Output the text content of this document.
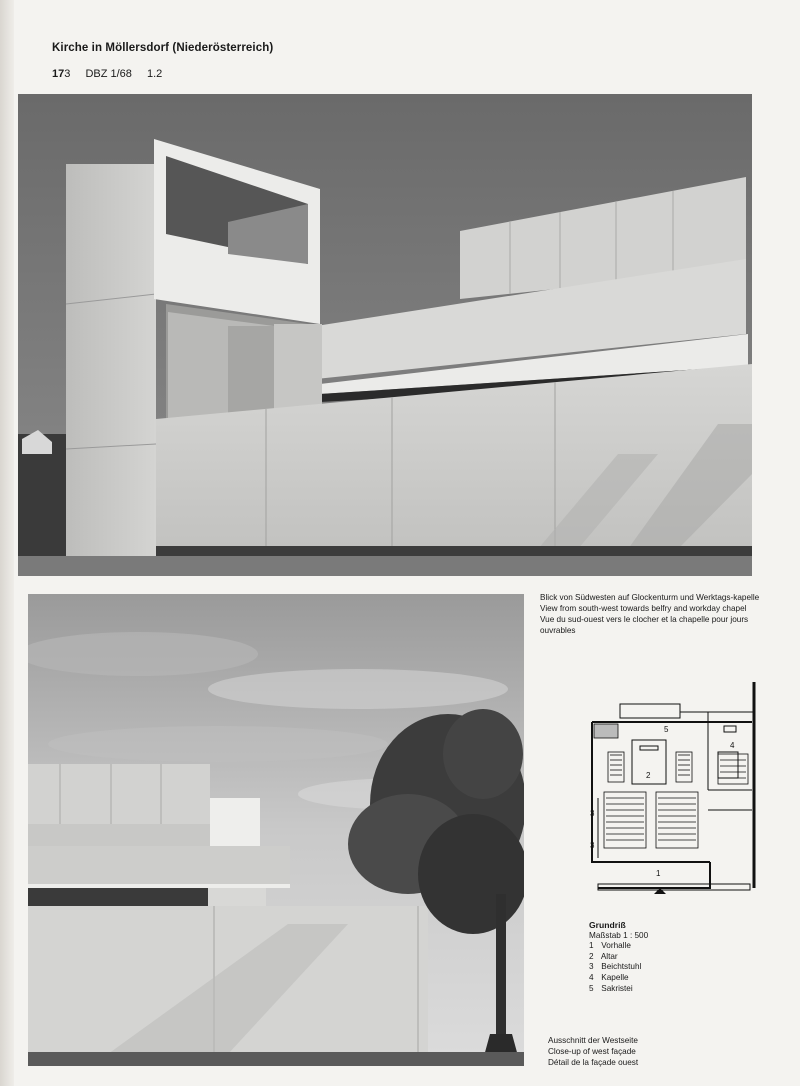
Kirche in Möllersdorf (Niederösterreich)
173 DBZ 1/68 1.2
Blick von Südwesten auf Glockenturm und Werktags-kapelle
View from south-west towards belfry and workday chapel
Vue du sud-ouest vers le clocher et la chapelle pour jours ouvrables
1
2
3
3
4
5
Grundriß
Maßstab 1 : 500
1 Vorhalle
2 Altar
3 Beichtstuhl
4 Kapelle
5 Sakristei
Ausschnitt der Westseite
Close-up of west façade
Détail de la façade ouest
